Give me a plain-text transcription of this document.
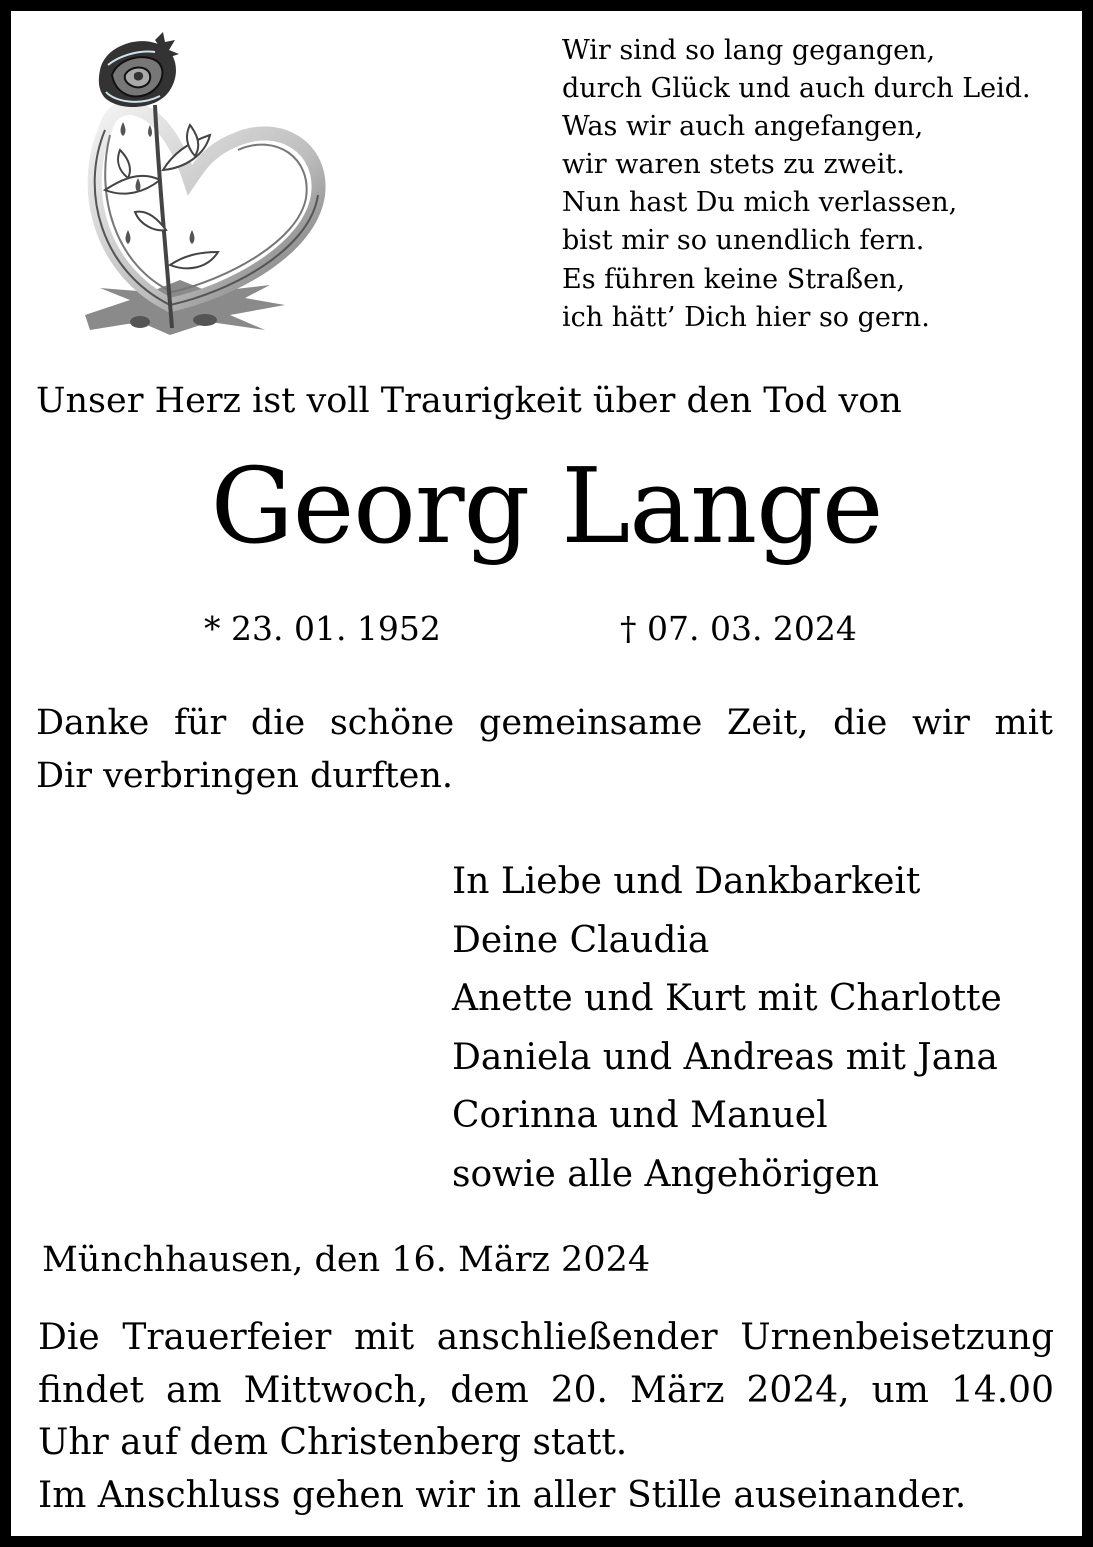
Wir sind so lang gegangen,
durch Glück und auch durch Leid.
Was wir auch angefangen,
wir waren stets zu zweit.
Nun hast Du mich verlassen,
bist mir so unendlich fern.
Es führen keine Straßen,
ich hätt’ Dich hier so gern.
Unser Herz ist voll Traurigkeit über den Tod von
Georg Lange
* 23. 01. 1952	† 07. 03. 2024
Danke für die schöne gemeinsame Zeit, die wir mit
Dir verbringen durften.
In Liebe und Dankbarkeit
Deine Claudia
Anette und Kurt mit Charlotte
Daniela und Andreas mit Jana
Corinna und Manuel
sowie alle Angehörigen
Münchhausen, den 16. März 2024
Die Trauerfeier mit anschließender Urnenbeisetzung
findet am Mittwoch, dem 20. März 2024, um 14.00
Uhr auf dem Christenberg statt.
Im Anschluss gehen wir in aller Stille auseinander.
